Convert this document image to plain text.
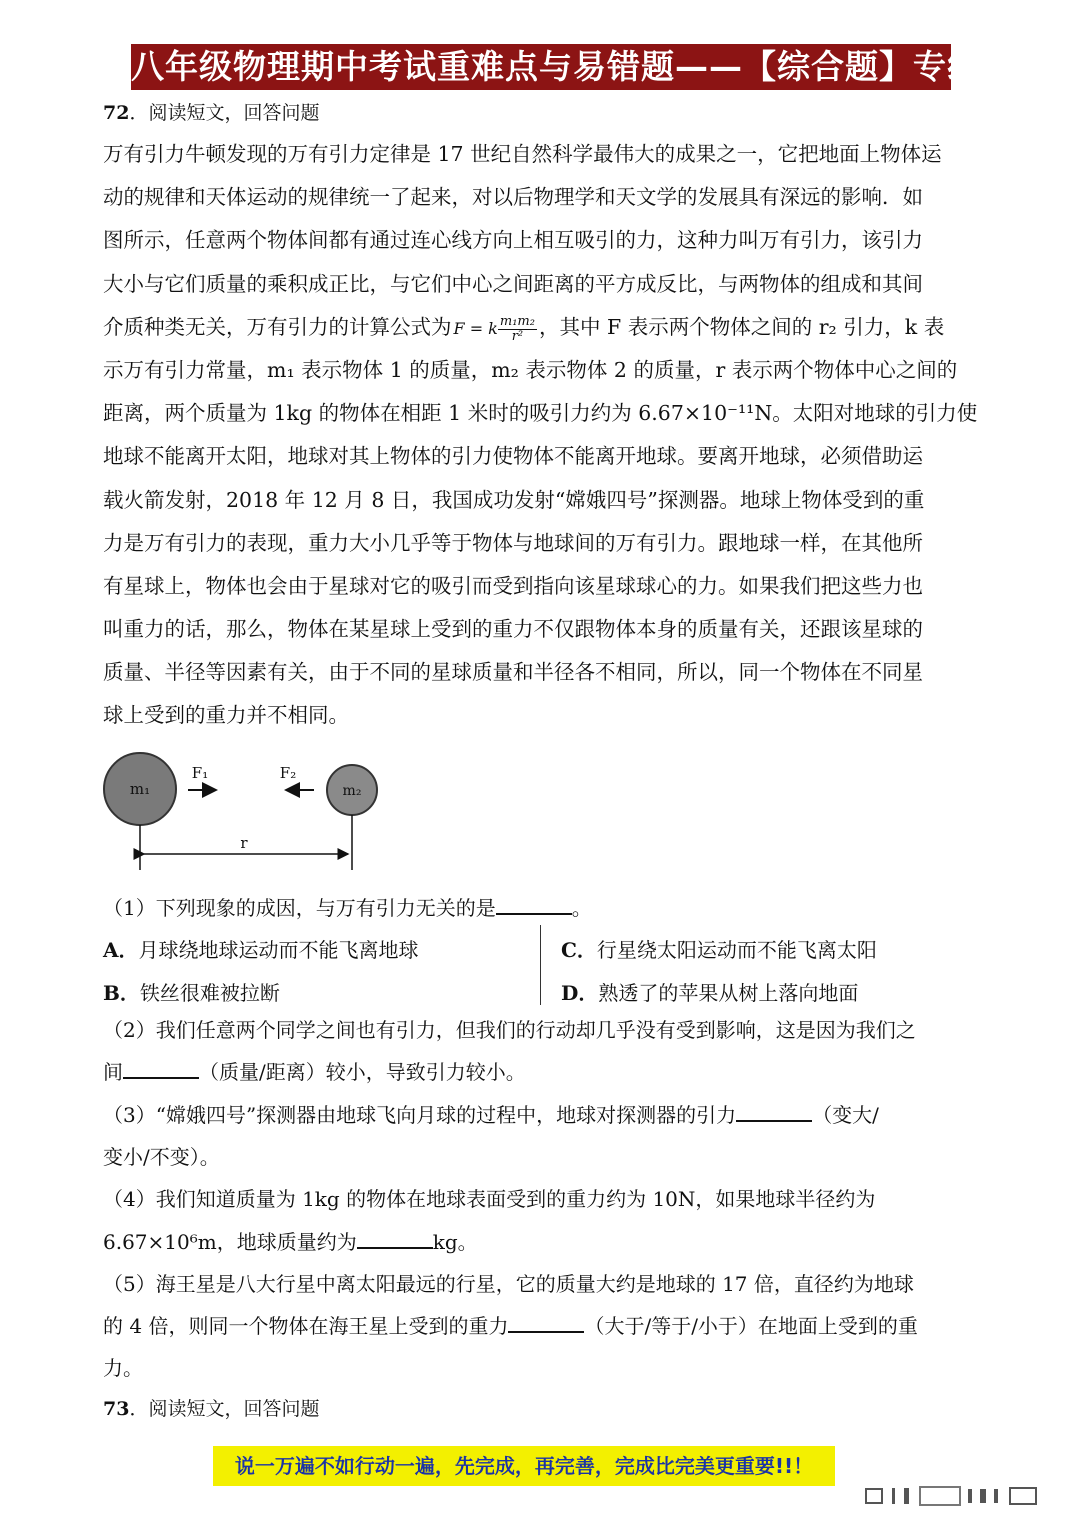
八年级物理期中考试重难点与易错题——【综合题】专练
72．阅读短文，回答问题
万有引力牛顿发现的万有引力定律是 17 世纪自然科学最伟大的成果之一，它把地面上物体运
动的规律和天体运动的规律统一了起来，对以后物理学和天文学的发展具有深远的影响．如
图所示，任意两个物体间都有通过连心线方向上相互吸引的力，这种力叫万有引力，该引力
大小与它们质量的乘积成正比，与它们中心之间距离的平方成反比，与两物体的组成和其间
介质种类无关，万有引力的计算公式为 F = k $\frac{\text{m₁m₂}}{\text{r²}}$ ，其中 F 表示两个物体之间的 r₂ 引力，k 表
示万有引力常量，m₁ 表示物体 1 的质量，m₂ 表示物体 2 的质量，r 表示两个物体中心之间的
距离，两个质量为 1kg 的物体在相距 1 米时的吸引力约为 6.67×10⁻¹¹N。太阳对地球的引力使
地球不能离开太阳，地球对其上物体的引力使物体不能离开地球。要离开地球，必须借助运
载火箭发射，2018 年 12 月 8 日，我国成功发射“嫦娥四号”探测器。地球上物体受到的重
力是万有引力的表现，重力大小几乎等于物体与地球间的万有引力。跟地球一样，在其他所
有星球上，物体也会由于星球对它的吸引而受到指向该星球球心的力。如果我们把这些力也
叫重力的话，那么，物体在某星球上受到的重力不仅跟物体本身的质量有关，还跟该星球的
质量、半径等因素有关，由于不同的星球质量和半径各不相同，所以，同一个物体在不同星
球上受到的重力并不相同。
m₁	m₂
F₁	F₂
r
（1）下列现象的成因，与万有引力无关的是	。
A．月球绕地球运动而不能飞离地球
B．铁丝很难被拉断
C．行星绕太阳运动而不能飞离太阳
D．熟透了的苹果从树上落向地面
（2）我们任意两个同学之间也有引力，但我们的行动却几乎没有受到影响，这是因为我们之
间	（质量/距离）较小，导致引力较小。
（3）“嫦娥四号”探测器由地球飞向月球的过程中，地球对探测器的引力	（变大/
变小/不变）。
（4）我们知道质量为 1kg 的物体在地球表面受到的重力约为 10N，如果地球半径约为
6.67×10⁶m，地球质量约为	kg。
（5）海王星是八大行星中离太阳最远的行星，它的质量大约是地球的 17 倍，直径约为地球
的 4 倍，则同一个物体在海王星上受到的重力	（大于/等于/小于）在地面上受到的重
力。
73．阅读短文，回答问题
说一万遍不如行动一遍，先完成，再完善，完成比完美更重要!!！
